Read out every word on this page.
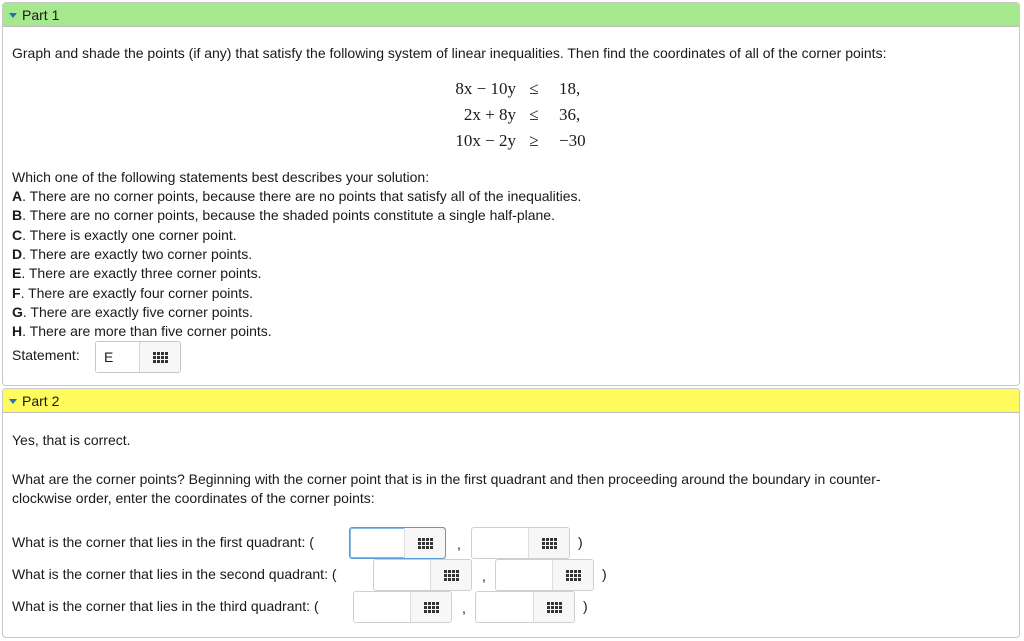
Part 1
Graph and shade the points (if any) that satisfy the following system of linear inequalities. Then find the coordinates of all of the corner points:
8x − 10y ≤	18,
2x + 8y ≤	36,
10x − 2y ≥	−30
Which one of the following statements best describes your solution:
A. There are no corner points, because there are no points that satisfy all of the inequalities.
B. There are no corner points, because the shaded points constitute a single half-plane.
C. There is exactly one corner point.
D. There are exactly two corner points.
E. There are exactly three corner points.
F. There are exactly four corner points.
G. There are exactly five corner points.
H. There are more than five corner points.
Statement:	E
Part 2
Yes, that is correct.
What are the corner points? Beginning with the corner point that is in the first quadrant and then proceeding around the boundary in counter-
clockwise order, enter the coordinates of the corner points:
What is the corner that lies in the first quadrant: (	,	)
What is the corner that lies in the second quadrant: (	,	)
What is the corner that lies in the third quadrant: (	,	)
